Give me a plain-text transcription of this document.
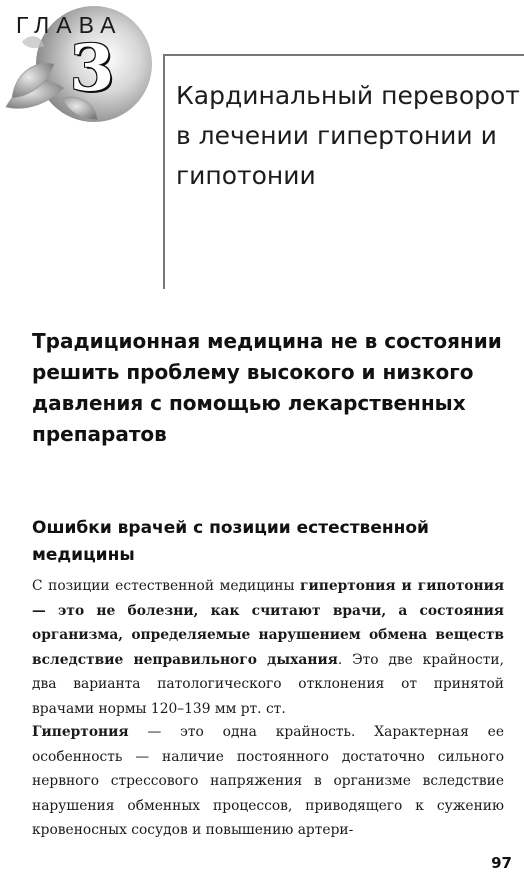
ГЛАВА

3	Кардинальный переворот в лечении гипертонии и гипотонии
Традиционная медицина не в состоянии решить проблему высокого и низкого давления с помощью лекарственных препаратов
Ошибки врачей с позиции естественной медицины

С позиции естественной медицины гипертония и гипотония — это не болезни, как считают врачи, а состояния организма, определяемые нарушением обмена веществ вследствие неправильного дыхания. Это две крайности, два варианта патологического отклонения от принятой врачами нормы 120–139 мм рт. ст.

Гипертония — это одна крайность. Характерная ее особенность — наличие постоянного достаточно сильного нервного стрессового напряжения в организме вследствие нарушения обменных процессов, приводящего к сужению кровеносных сосудов и повышению артери-

97
